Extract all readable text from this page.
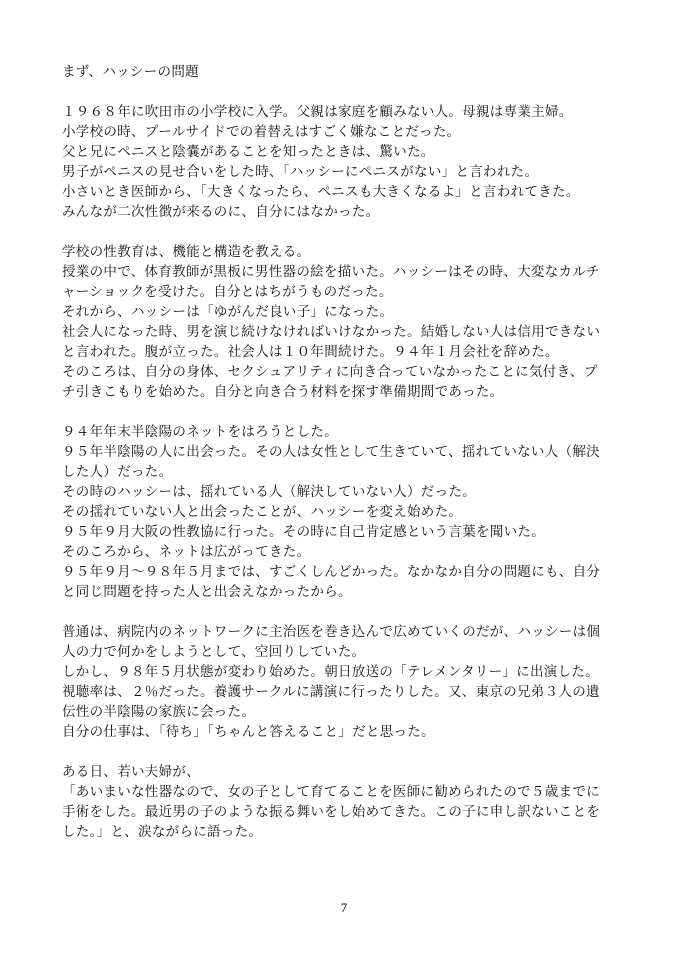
まず、ハッシーの問題
１９６８年に吹田市の小学校に入学。父親は家庭を顧みない人。母親は専業主婦。
小学校の時、プールサイドでの着替えはすごく嫌なことだった。
父と兄にペニスと陰嚢があることを知ったときは、驚いた。
男子がペニスの見せ合いをした時、「ハッシーにペニスがない」と言われた。
小さいとき医師から、「大きくなったら、ペニスも大きくなるよ」と言われてきた。
みんなが二次性徴が来るのに、自分にはなかった。
学校の性教育は、機能と構造を教える。
授業の中で、体育教師が黒板に男性器の絵を描いた。ハッシーはその時、大変なカルチ
ャーショックを受けた。自分とはちがうものだった。
それから、ハッシーは「ゆがんだ良い子」になった。
社会人になった時、男を演じ続けなければいけなかった。結婚しない人は信用できない
と言われた。腹が立った。社会人は１０年間続けた。９４年１月会社を辞めた。
そのころは、自分の身体、セクシュアリティに向き合っていなかったことに気付き、プ
チ引きこもりを始めた。自分と向き合う材料を探す準備期間であった。
９４年年末半陰陽のネットをはろうとした。
９５年半陰陽の人に出会った。その人は女性として生きていて、揺れていない人（解決
した人）だった。
その時のハッシーは、揺れている人（解決していない人）だった。
その揺れていない人と出会ったことが、ハッシーを変え始めた。
９５年９月大阪の性教協に行った。その時に自己肯定感という言葉を聞いた。
そのころから、ネットは広がってきた。
９５年９月～９８年５月までは、すごくしんどかった。なかなか自分の問題にも、自分
と同じ問題を持った人と出会えなかったから。
普通は、病院内のネットワークに主治医を巻き込んで広めていくのだが、ハッシーは個
人の力で何かをしようとして、空回りしていた。
しかし、９８年５月状態が変わり始めた。朝日放送の「テレメンタリー」に出演した。
視聴率は、２％だった。養護サークルに講演に行ったりした。又、東京の兄弟３人の遺
伝性の半陰陽の家族に会った。
自分の仕事は、「待ち」「ちゃんと答えること」だと思った。
ある日、若い夫婦が、
「あいまいな性器なので、女の子として育てることを医師に勧められたので５歳までに
手術をした。最近男の子のような振る舞いをし始めてきた。この子に申し訳ないことを
した。」と、涙ながらに語った。
7
